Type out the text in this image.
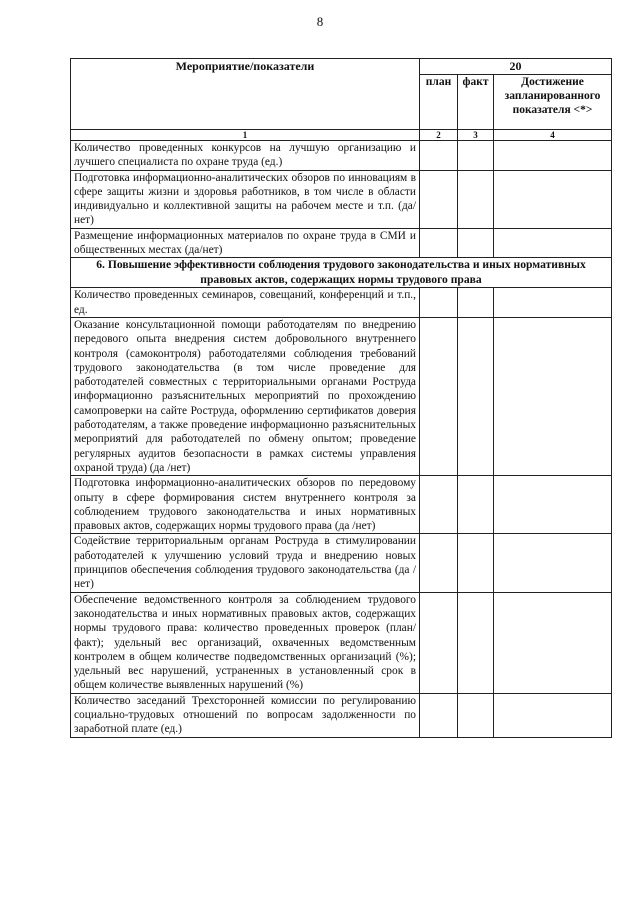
8
Мероприятие/показатели	20		
	план	факт	Достижение запланированного показателя <*>
1	2	3	4
Количество проведенных конкурсов на лучшую организацию и лучшего специалиста по охране труда (ед.)			
Подготовка информационно-аналитических обзоров по инновациям в сфере защиты жизни и здоровья работников, в том числе в области индивидуально и коллективной защиты на рабочем месте и т.п. (да/нет)			
Размещение информационных материалов по охране труда в СМИ и общественных местах (да/нет)			
6. Повышение эффективности соблюдения трудового законодательства и иных нормативных правовых актов, содержащих нормы трудового права			
Количество проведенных семинаров, совещаний, конференций и т.п., ед.			
Оказание консультационной помощи работодателям по внедрению передового опыта внедрения систем добровольного внутреннего контроля (самоконтроля) работодателями соблюдения требований трудового законодательства (в том числе проведение для работодателей совместных с территориальными органами Роструда информационно разъяснительных мероприятий по прохождению самопроверки на сайте Роструда, оформлению сертификатов доверия работодателям, а также проведение информационно разъяснительных мероприятий для работодателей по обмену опытом; проведение регулярных аудитов безопасности в рамках системы управления охраной труда) (да /нет)			
Подготовка информационно-аналитических обзоров по передовому опыту в сфере формирования систем внутреннего контроля за соблюдением трудового законодательства и иных нормативных правовых актов, содержащих нормы трудового права (да /нет)			
Содействие территориальным органам Роструда в стимулировании работодателей к улучшению условий труда и внедрению новых принципов обеспечения соблюдения трудового законодательства (да /нет)			
Обеспечение ведомственного контроля за соблюдением трудового законодательства и иных нормативных правовых актов, содержащих нормы трудового права: количество проведенных проверок (план/факт); удельный вес организаций, охваченных ведомственным контролем в общем количестве подведомственных организаций (%); удельный вес нарушений, устраненных в установленный срок в общем количестве выявленных нарушений (%)			
Количество заседаний Трехсторонней комиссии по регулированию социально-трудовых отношений по вопросам задолженности по заработной плате (ед.)			
